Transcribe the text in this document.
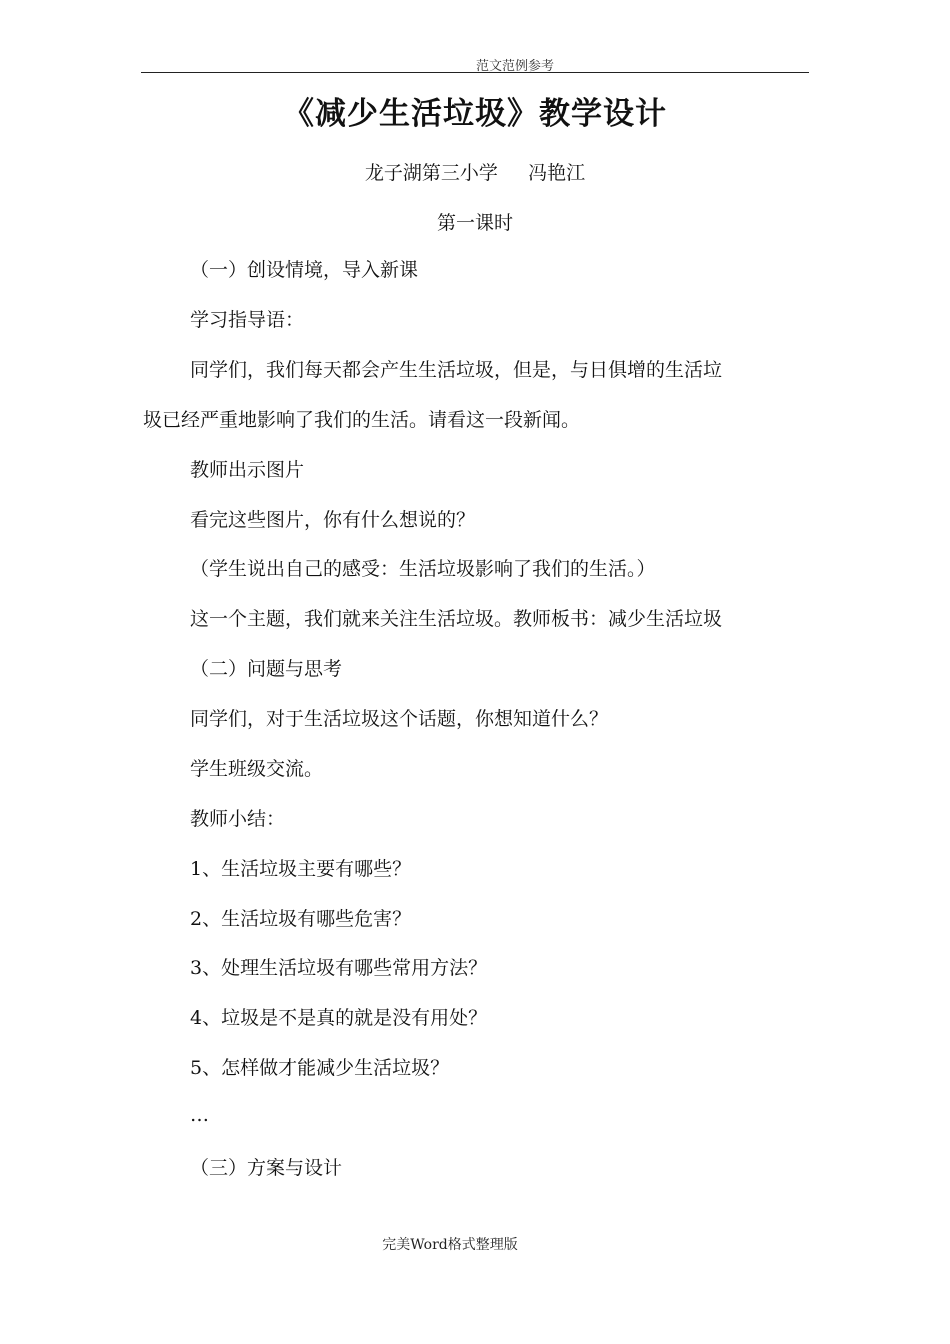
范文范例参考
《减少生活垃圾》教学设计
龙子湖第三小学     冯艳江
第一课时
（一）创设情境，导入新课
学习指导语：
同学们，我们每天都会产生生活垃圾，但是，与日俱增的生活垃
圾已经严重地影响了我们的生活。请看这一段新闻。
教师出示图片
看完这些图片，你有什么想说的？
（学生说出自己的感受：生活垃圾影响了我们的生活。）
这一个主题，我们就来关注生活垃圾。教师板书：减少生活垃圾
（二）问题与思考
同学们，对于生活垃圾这个话题，你想知道什么？
学生班级交流。
教师小结：
1、生活垃圾主要有哪些？
2、生活垃圾有哪些危害？
3、处理生活垃圾有哪些常用方法？
4、垃圾是不是真的就是没有用处？
5、怎样做才能减少生活垃圾？
…
（三）方案与设计
完美Word格式整理版
